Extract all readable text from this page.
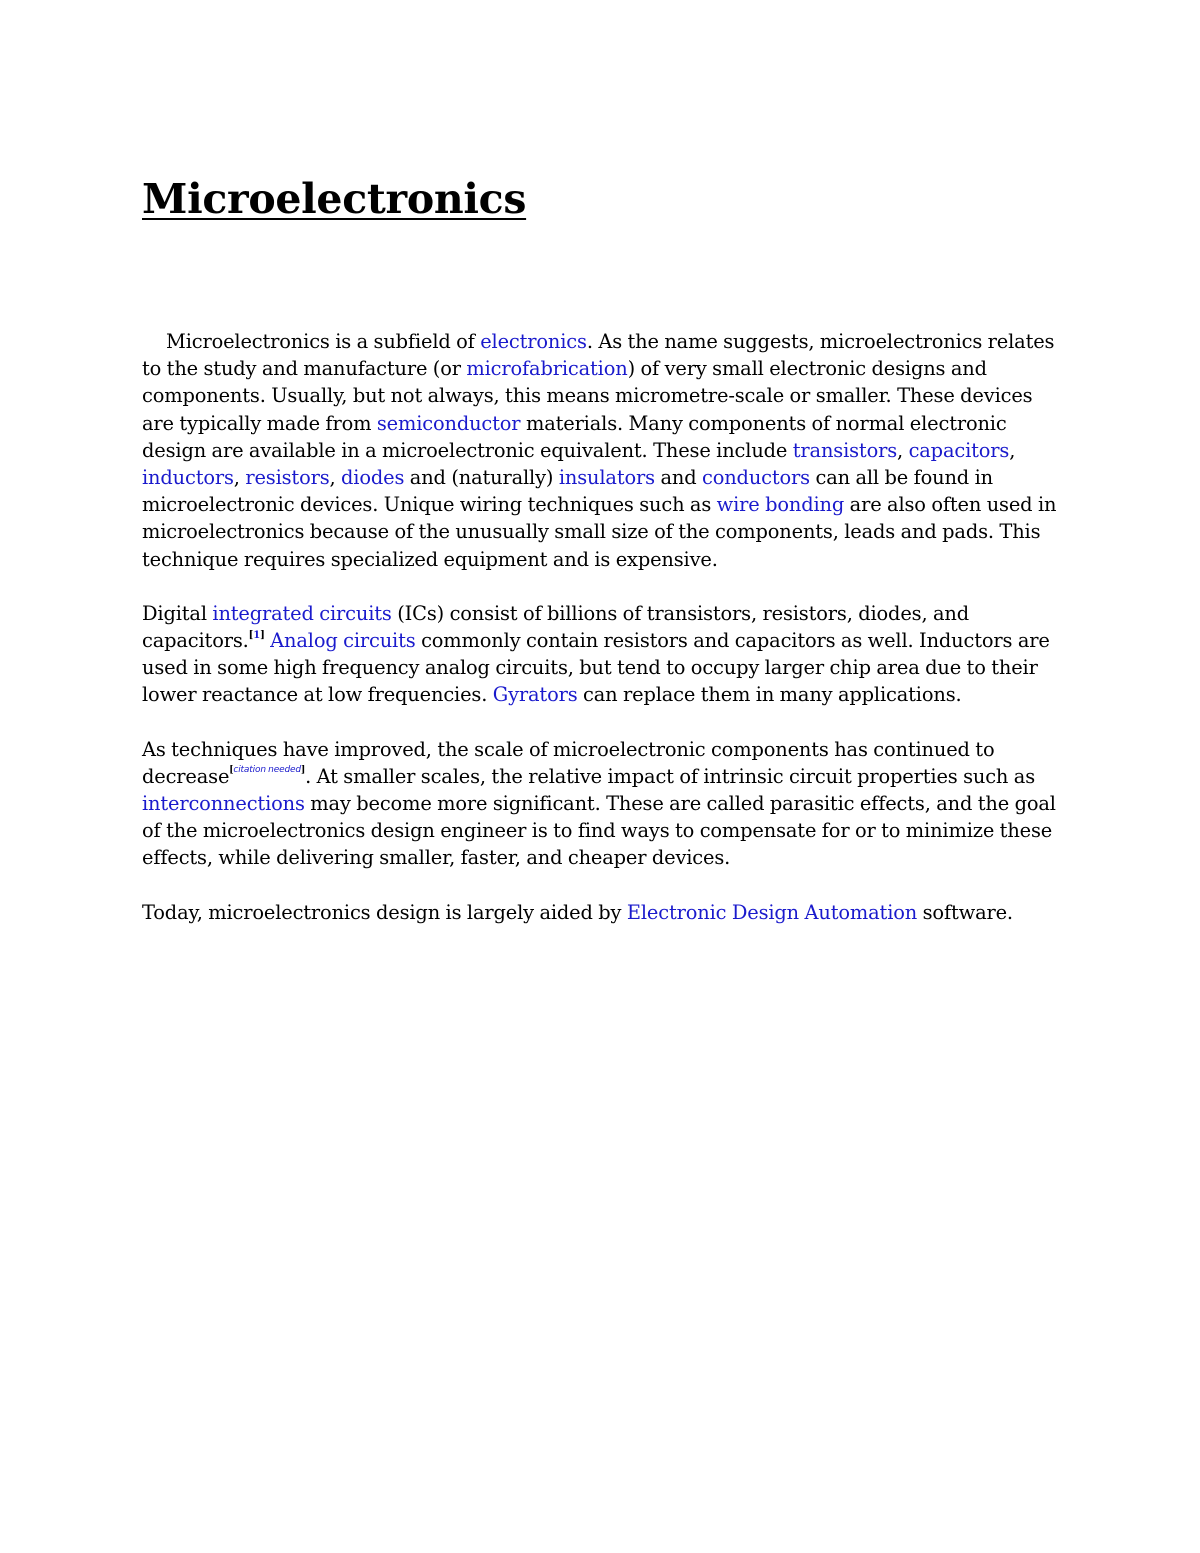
Microelectronics

Microelectronics is a subfield of electronics. As the name suggests, microelectronics relates to the study and manufacture (or microfabrication) of very small electronic designs and components. Usually, but not always, this means micrometre-scale or smaller. These devices are typically made from semiconductor materials. Many components of normal electronic design are available in a microelectronic equivalent. These include transistors, capacitors, inductors, resistors, diodes and (naturally) insulators and conductors can all be found in microelectronic devices. Unique wiring techniques such as wire bonding are also often used in microelectronics because of the unusually small size of the components, leads and pads. This technique requires specialized equipment and is expensive.

Digital integrated circuits (ICs) consist of billions of transistors, resistors, diodes, and capacitors.[1] Analog circuits commonly contain resistors and capacitors as well. Inductors are used in some high frequency analog circuits, but tend to occupy larger chip area due to their lower reactance at low frequencies. Gyrators can replace them in many applications.

As techniques have improved, the scale of microelectronic components has continued to decrease[citation needed]. At smaller scales, the relative impact of intrinsic circuit properties such as interconnections may become more significant. These are called parasitic effects, and the goal of the microelectronics design engineer is to find ways to compensate for or to minimize these effects, while delivering smaller, faster, and cheaper devices.

Today, microelectronics design is largely aided by Electronic Design Automation software.
